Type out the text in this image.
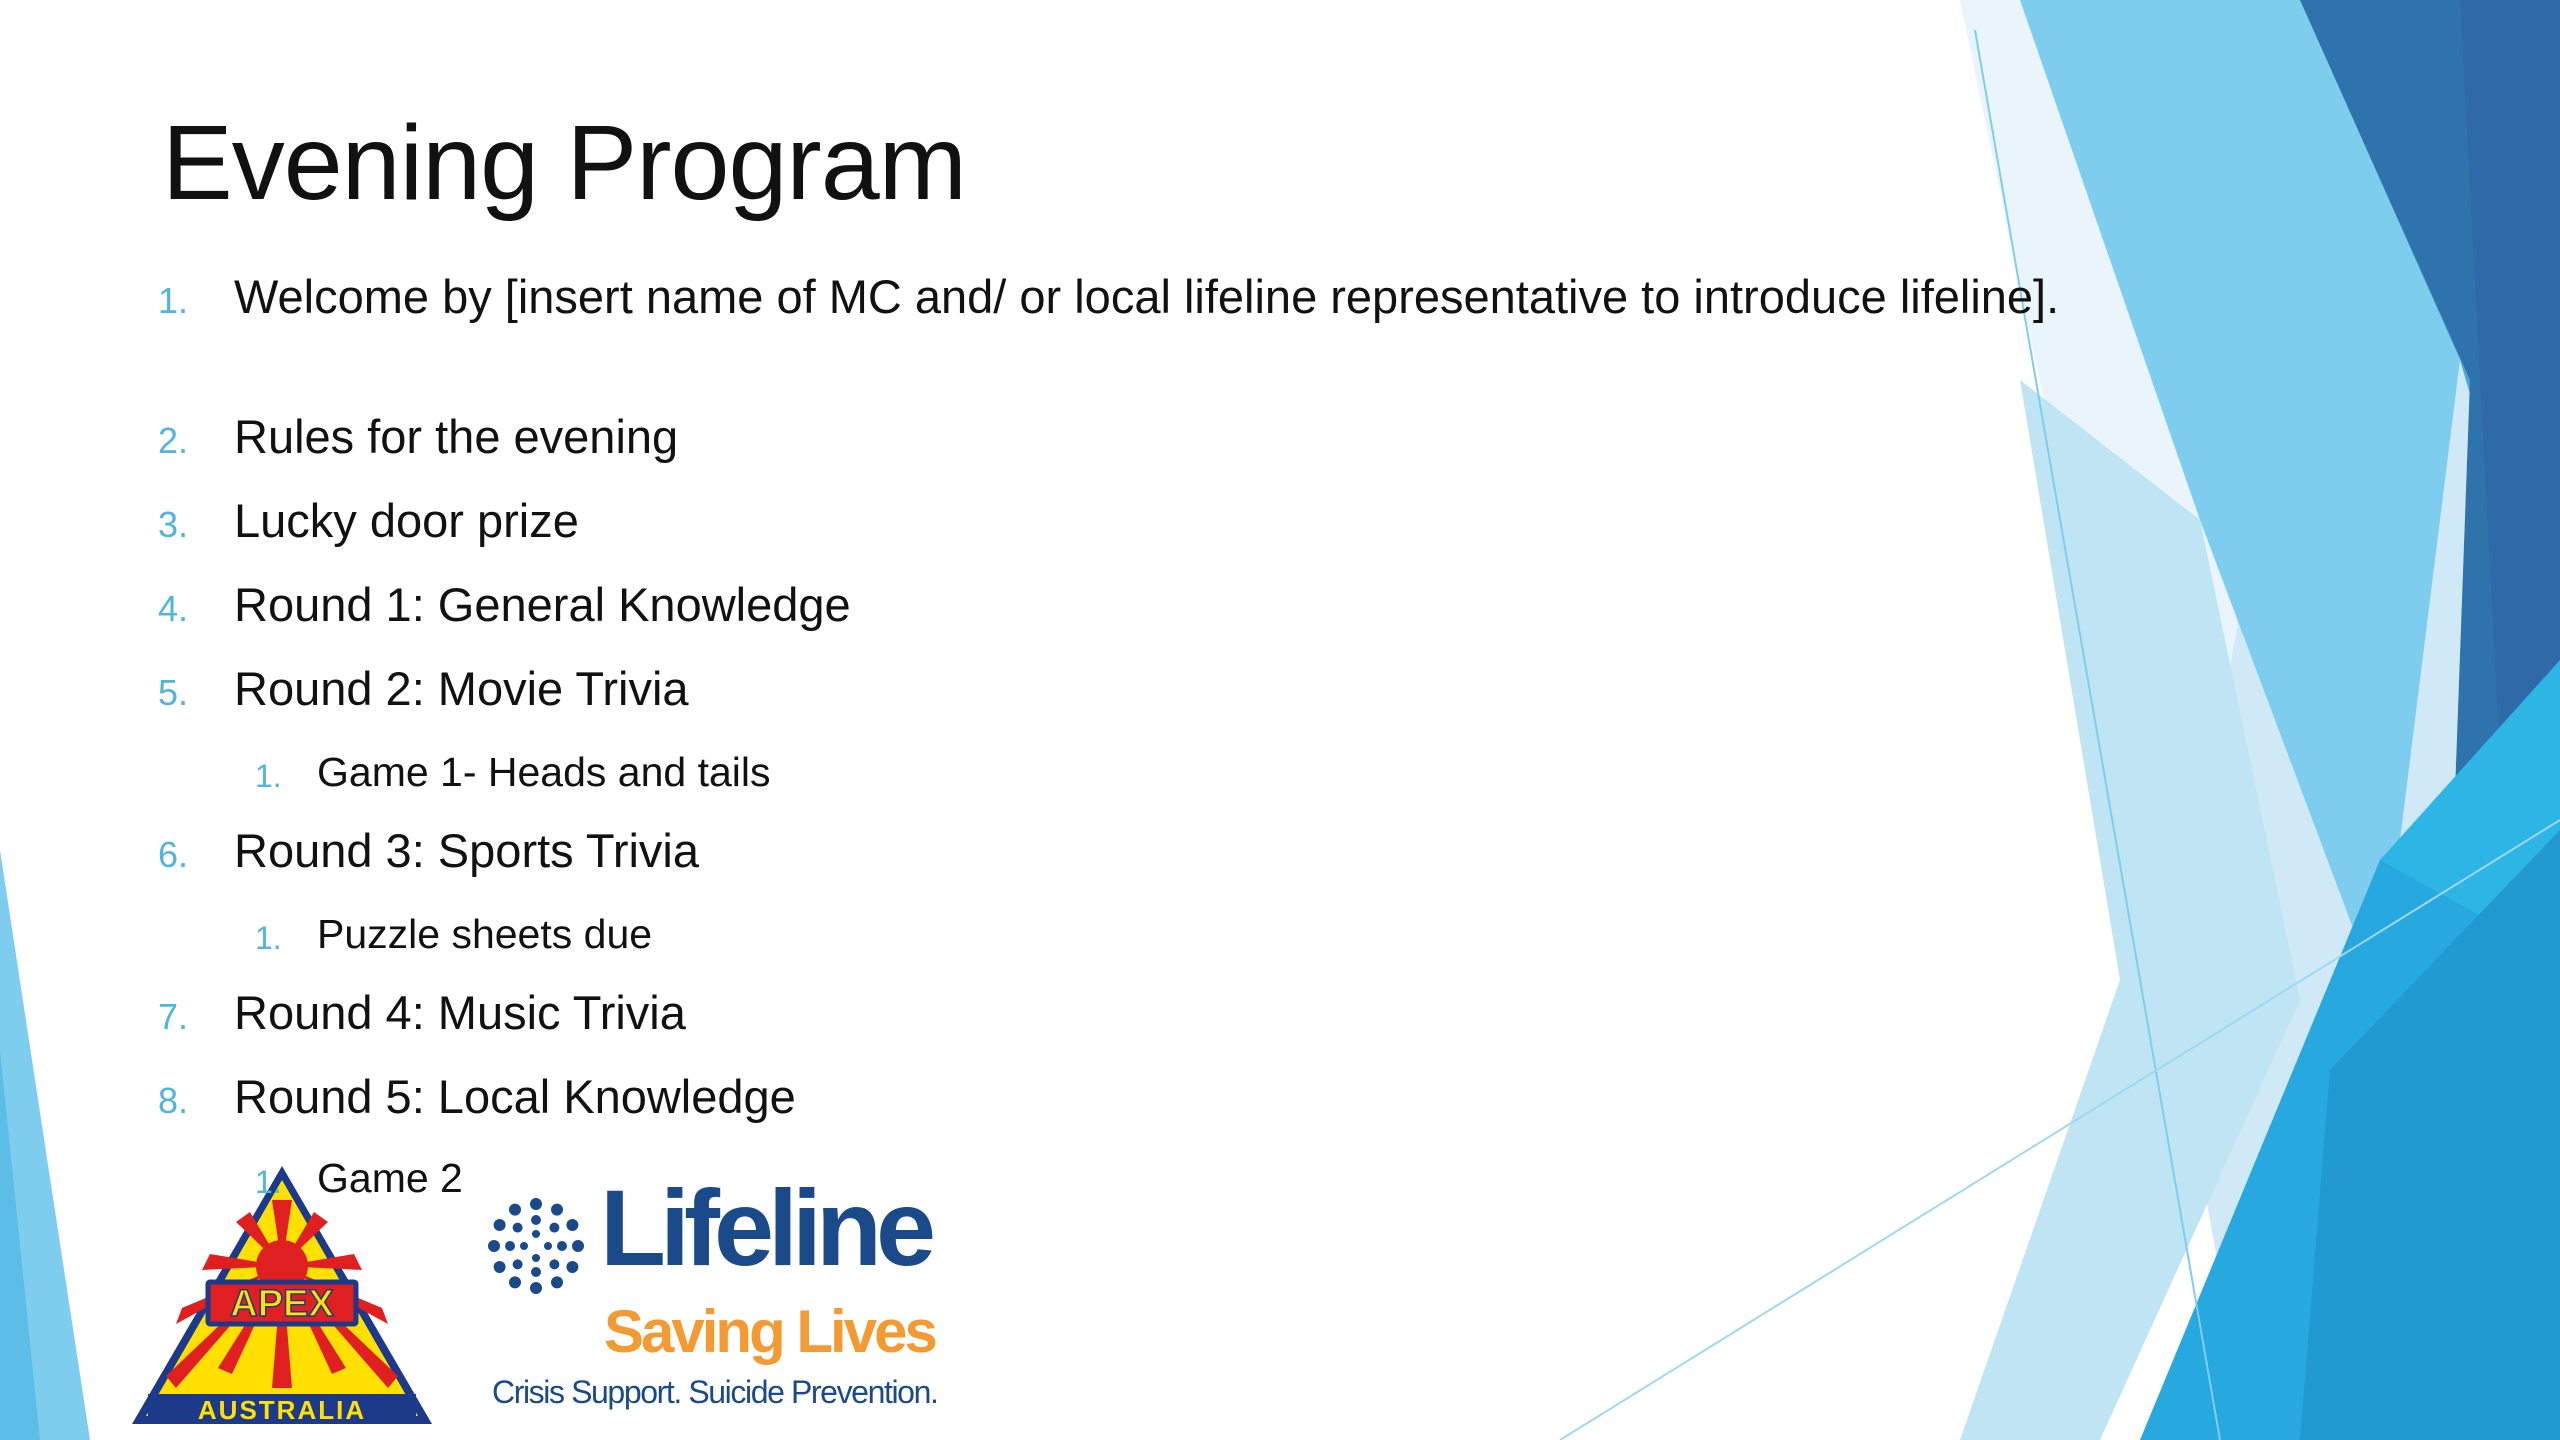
Evening Program
1. Welcome by [insert name of MC and/ or local lifeline representative to introduce lifeline].
2. Rules for the evening
3. Lucky door prize
4. Round 1: General Knowledge
5. Round 2: Movie Trivia
1. Game 1- Heads and tails
6. Round 3: Sports Trivia
1. Puzzle sheets due
7. Round 4: Music Trivia
8. Round 5: Local Knowledge
APEX
AUSTRALIA
1. Game 2	Lifeline
Saving Lives
Crisis Support. Suicide Prevention.
